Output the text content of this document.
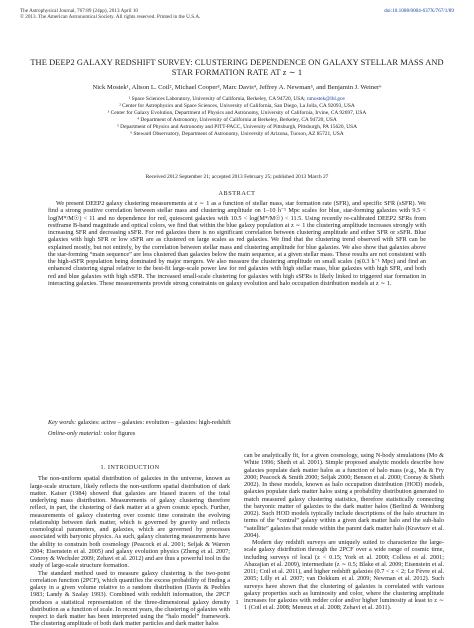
The Astrophysical Journal, 767:89 (24pp), 2013 April 10
© 2013. The American Astronomical Society. All rights reserved. Printed in the U.S.A.
doi:10.1088/0004-637X/767/1/89
THE DEEP2 GALAXY REDSHIFT SURVEY: CLUSTERING DEPENDENCE ON GALAXY STELLAR MASS AND STAR FORMATION RATE AT z ∼ 1
Nick Mostek¹, Alison L. Coil², Michael Cooper³, Marc Davis⁴, Jeffrey A. Newman⁵, and Benjamin J. Weiner⁶
¹ Space Sciences Laboratory, University of California, Berkeley, CA 94720, USA; nmostek@lbl.gov
² Center for Astrophysics and Space Sciences, University of California, San Diego, La Jolla, CA 92093, USA
³ Center for Galaxy Evolution, Department of Physics and Astronomy, University of California, Irvine, CA 92697, USA
⁴ Department of Astronomy, University of California at Berkeley, Berkeley, CA 94720, USA
⁵ Department of Physics and Astronomy and PITT-PACC, University of Pittsburgh, Pittsburgh, PA 15620, USA
⁶ Steward Observatory, Department of Astronomy, University of Arizona, Tucson, AZ 85721, USA
Received 2012 September 21; accepted 2013 February 25; published 2013 March 27
ABSTRACT

We present DEEP2 galaxy clustering measurements at z ∼ 1 as a function of stellar mass, star formation rate (SFR), and specific SFR (sSFR). We find a strong positive correlation between stellar mass and clustering amplitude on 1–10 h⁻¹ Mpc scales for blue, star-forming galaxies with 9.5 < log(M*/M☉) < 11 and no dependence for red, quiescent galaxies with 10.5 < log(M*/M☉) < 11.5. Using recently re-calibrated DEEP2 SFRs from restframe B-band magnitude and optical colors, we find that within the blue galaxy population at z ∼ 1 the clustering amplitude increases strongly with increasing SFR and decreasing sSFR. For red galaxies there is no significant correlation between clustering amplitude and either SFR or sSFR. Blue galaxies with high SFR or low sSFR are as clustered on large scales as red galaxies. We find that the clustering trend observed with SFR can be explained mostly, but not entirely, by the correlation between stellar mass and clustering amplitude for blue galaxies. We also show that galaxies above the star-forming “main sequence” are less clustered than galaxies below the main sequence, at a given stellar mass. These results are not consistent with the high-sSFR population being dominated by major mergers. We also measure the clustering amplitude on small scales (≲0.3 h⁻¹ Mpc) and find an enhanced clustering signal relative to the best-fit large-scale power law for red galaxies with high stellar mass, blue galaxies with high SFR, and both red and blue galaxies with high sSFR. The increased small-scale clustering for galaxies with high sSFRs is likely linked to triggered star formation in interacting galaxies. These measurements provide strong constraints on galaxy evolution and halo occupation distribution models at z ∼ 1.

Key words: galaxies: active – galaxies: evolution – galaxies: high-redshift
Online-only material: color figures
1. INTRODUCTION

The non-uniform spatial distribution of galaxies in the universe, known as large-scale structure, likely reflects the non-uniform spatial distribution of dark matter. Kaiser (1984) showed that galaxies are biased tracers of the total underlying mass distribution. Measurements of galaxy clustering therefore reflect, in part, the clustering of dark matter at a given cosmic epoch. Further, measurements of galaxy clustering over cosmic time constrain the evolving relationship between dark matter, which is governed by gravity and reflects cosmological parameters, and galaxies, which are governed by processes associated with baryonic physics. As such, galaxy clustering measurements have the ability to constrain both cosmology (Peacock et al. 2001; Seljak & Warren 2004; Eisenstein et al. 2005) and galaxy evolution physics (Zheng et al. 2007; Conroy & Wechsler 2009; Zehavi et al. 2012) and are thus a powerful tool in the study of large-scale structure formation.

The standard method used to measure galaxy clustering is the two-point correlation function (2PCF), which quantifies the excess probability of finding a galaxy in a given volume relative to a random distribution (Davis & Peebles 1983; Landy & Szalay 1993). Combined with redshift information, the 2PCF produces a statistical representation of the three-dimensional galaxy density distribution as a function of scale. In recent years, the clustering of galaxies with respect to dark matter has been interpreted using the “halo model” framework. The clustering amplitude of both dark matter particles and dark matter halos

can be analytically fit, for a given cosmology, using N-body simulations (Mo & White 1996; Sheth et al. 2001). Simple proposed analytic models describe how galaxies populate dark matter halos as a function of halo mass (e.g., Ma & Fry 2000; Peacock & Smith 2000; Seljak 2000; Benson et al. 2000; Cooray & Sheth 2002). In these models, known as halo occupation distribution (HOD) models, galaxies populate dark matter halos using a probability distribution generated to match measured galaxy clustering statistics, therefore statistically connecting the baryonic matter of galaxies to the dark matter halos (Berlind & Weinberg 2002). Such HOD models typically include descriptions of the halo structure in terms of the “central” galaxy within a given dark matter halo and the sub-halo “satellite” galaxies that reside within the parent dark matter halo (Kravtsov et al. 2004).

Modern day redshift surveys are uniquely suited to characterize the large-scale galaxy distribution through the 2PCF over a wide range of cosmic time, including surveys of local (z < 0.15; York et al. 2000; Colless et al. 2001; Abazajian et al. 2009), intermediate (z ∼ 0.5; Blake et al. 2009; Eisenstein et al. 2011; Coil et al. 2011), and higher redshift galaxies (0.7 < z < 2; Le Fèvre et al. 2005; Lilly et al. 2007; van Dokkum et al. 2009; Newman et al. 2012). Such surveys have shown that the clustering of galaxies is correlated with various galaxy properties such as luminosity and color, where the clustering amplitude increases for galaxies with redder color and/or higher luminosity at least to z ∼ 1 (Coil et al. 2008; Meneux et al. 2008; Zehavi et al. 2011).

1
